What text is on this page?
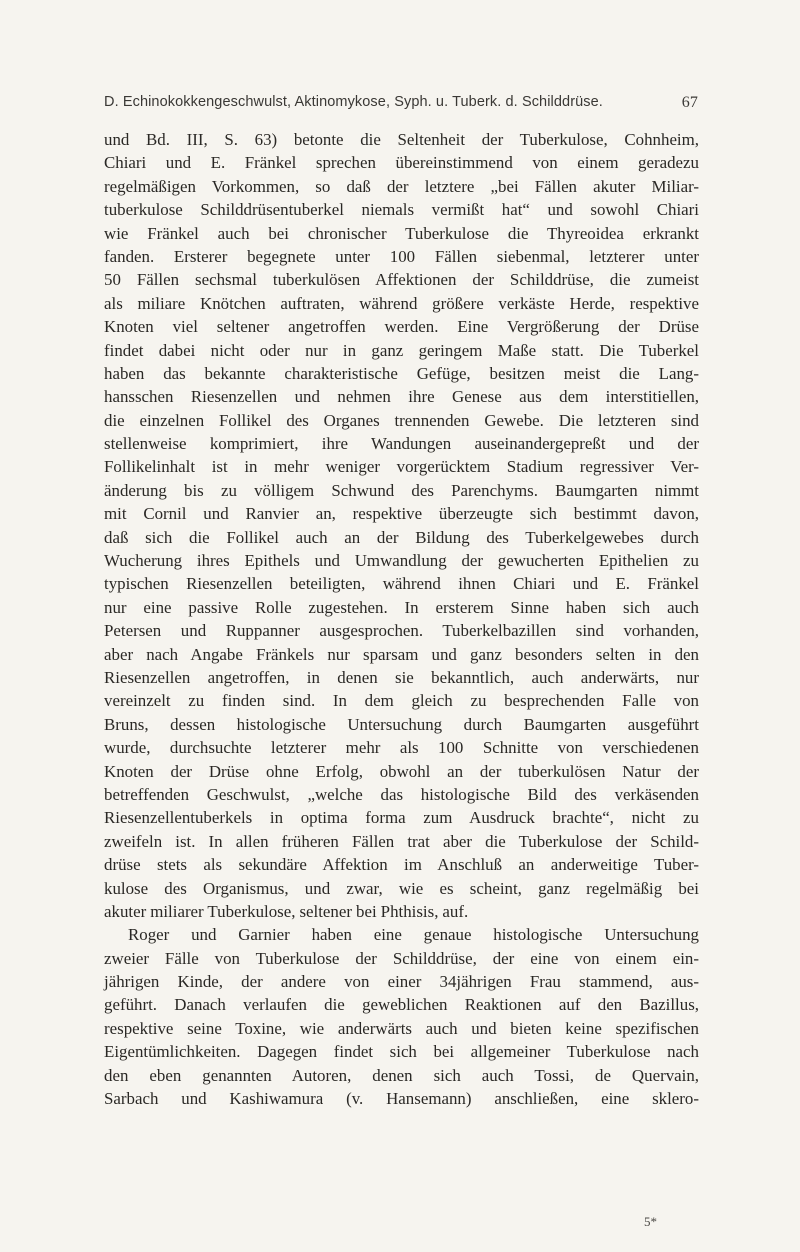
D. Echinokokkengeschwulst, Aktinomykose, Syph. u. Tuberk. d. Schilddrüse.	67
und Bd. III, S. 63) betonte die Seltenheit der Tuberkulose, Cohnheim,
Chiari und E. Fränkel sprechen übereinstimmend von einem geradezu
regelmäßigen Vorkommen, so daß der letztere „bei Fällen akuter Miliar-
tuberkulose Schilddrüsentuberkel niemals vermißt hat“ und sowohl Chiari
wie Fränkel auch bei chronischer Tuberkulose die Thyreoidea erkrankt
fanden. Ersterer begegnete unter 100 Fällen siebenmal, letzterer unter
50 Fällen sechsmal tuberkulösen Affektionen der Schilddrüse, die zumeist
als miliare Knötchen auftraten, während größere verkäste Herde, respektive
Knoten viel seltener angetroffen werden. Eine Vergrößerung der Drüse
findet dabei nicht oder nur in ganz geringem Maße statt. Die Tuberkel
haben das bekannte charakteristische Gefüge, besitzen meist die Lang-
hansschen Riesenzellen und nehmen ihre Genese aus dem interstitiellen,
die einzelnen Follikel des Organes trennenden Gewebe. Die letzteren sind
stellenweise komprimiert, ihre Wandungen auseinandergepreßt und der
Follikelinhalt ist in mehr weniger vorgerücktem Stadium regressiver Ver-
änderung bis zu völligem Schwund des Parenchyms. Baumgarten nimmt
mit Cornil und Ranvier an, respektive überzeugte sich bestimmt davon,
daß sich die Follikel auch an der Bildung des Tuberkelgewebes durch
Wucherung ihres Epithels und Umwandlung der gewucherten Epithelien zu
typischen Riesenzellen beteiligten, während ihnen Chiari und E. Fränkel
nur eine passive Rolle zugestehen. In ersterem Sinne haben sich auch
Petersen und Ruppanner ausgesprochen. Tuberkelbazillen sind vorhanden,
aber nach Angabe Fränkels nur sparsam und ganz besonders selten in den
Riesenzellen angetroffen, in denen sie bekanntlich, auch anderwärts, nur
vereinzelt zu finden sind. In dem gleich zu besprechenden Falle von
Bruns, dessen histologische Untersuchung durch Baumgarten ausgeführt
wurde, durchsuchte letzterer mehr als 100 Schnitte von verschiedenen
Knoten der Drüse ohne Erfolg, obwohl an der tuberkulösen Natur der
betreffenden Geschwulst, „welche das histologische Bild des verkäsenden
Riesenzellentuberkels in optima forma zum Ausdruck brachte“, nicht zu
zweifeln ist. In allen früheren Fällen trat aber die Tuberkulose der Schild-
drüse stets als sekundäre Affektion im Anschluß an anderweitige Tuber-
kulose des Organismus, und zwar, wie es scheint, ganz regelmäßig bei
akuter miliarer Tuberkulose, seltener bei Phthisis, auf.
Roger und Garnier haben eine genaue histologische Untersuchung
zweier Fälle von Tuberkulose der Schilddrüse, der eine von einem ein-
jährigen Kinde, der andere von einer 34jährigen Frau stammend, aus-
geführt. Danach verlaufen die geweblichen Reaktionen auf den Bazillus,
respektive seine Toxine, wie anderwärts auch und bieten keine spezifischen
Eigentümlichkeiten. Dagegen findet sich bei allgemeiner Tuberkulose nach
den eben genannten Autoren, denen sich auch Tossi, de Quervain,
Sarbach und Kashiwamura (v. Hansemann) anschließen, eine sklero-
5*
